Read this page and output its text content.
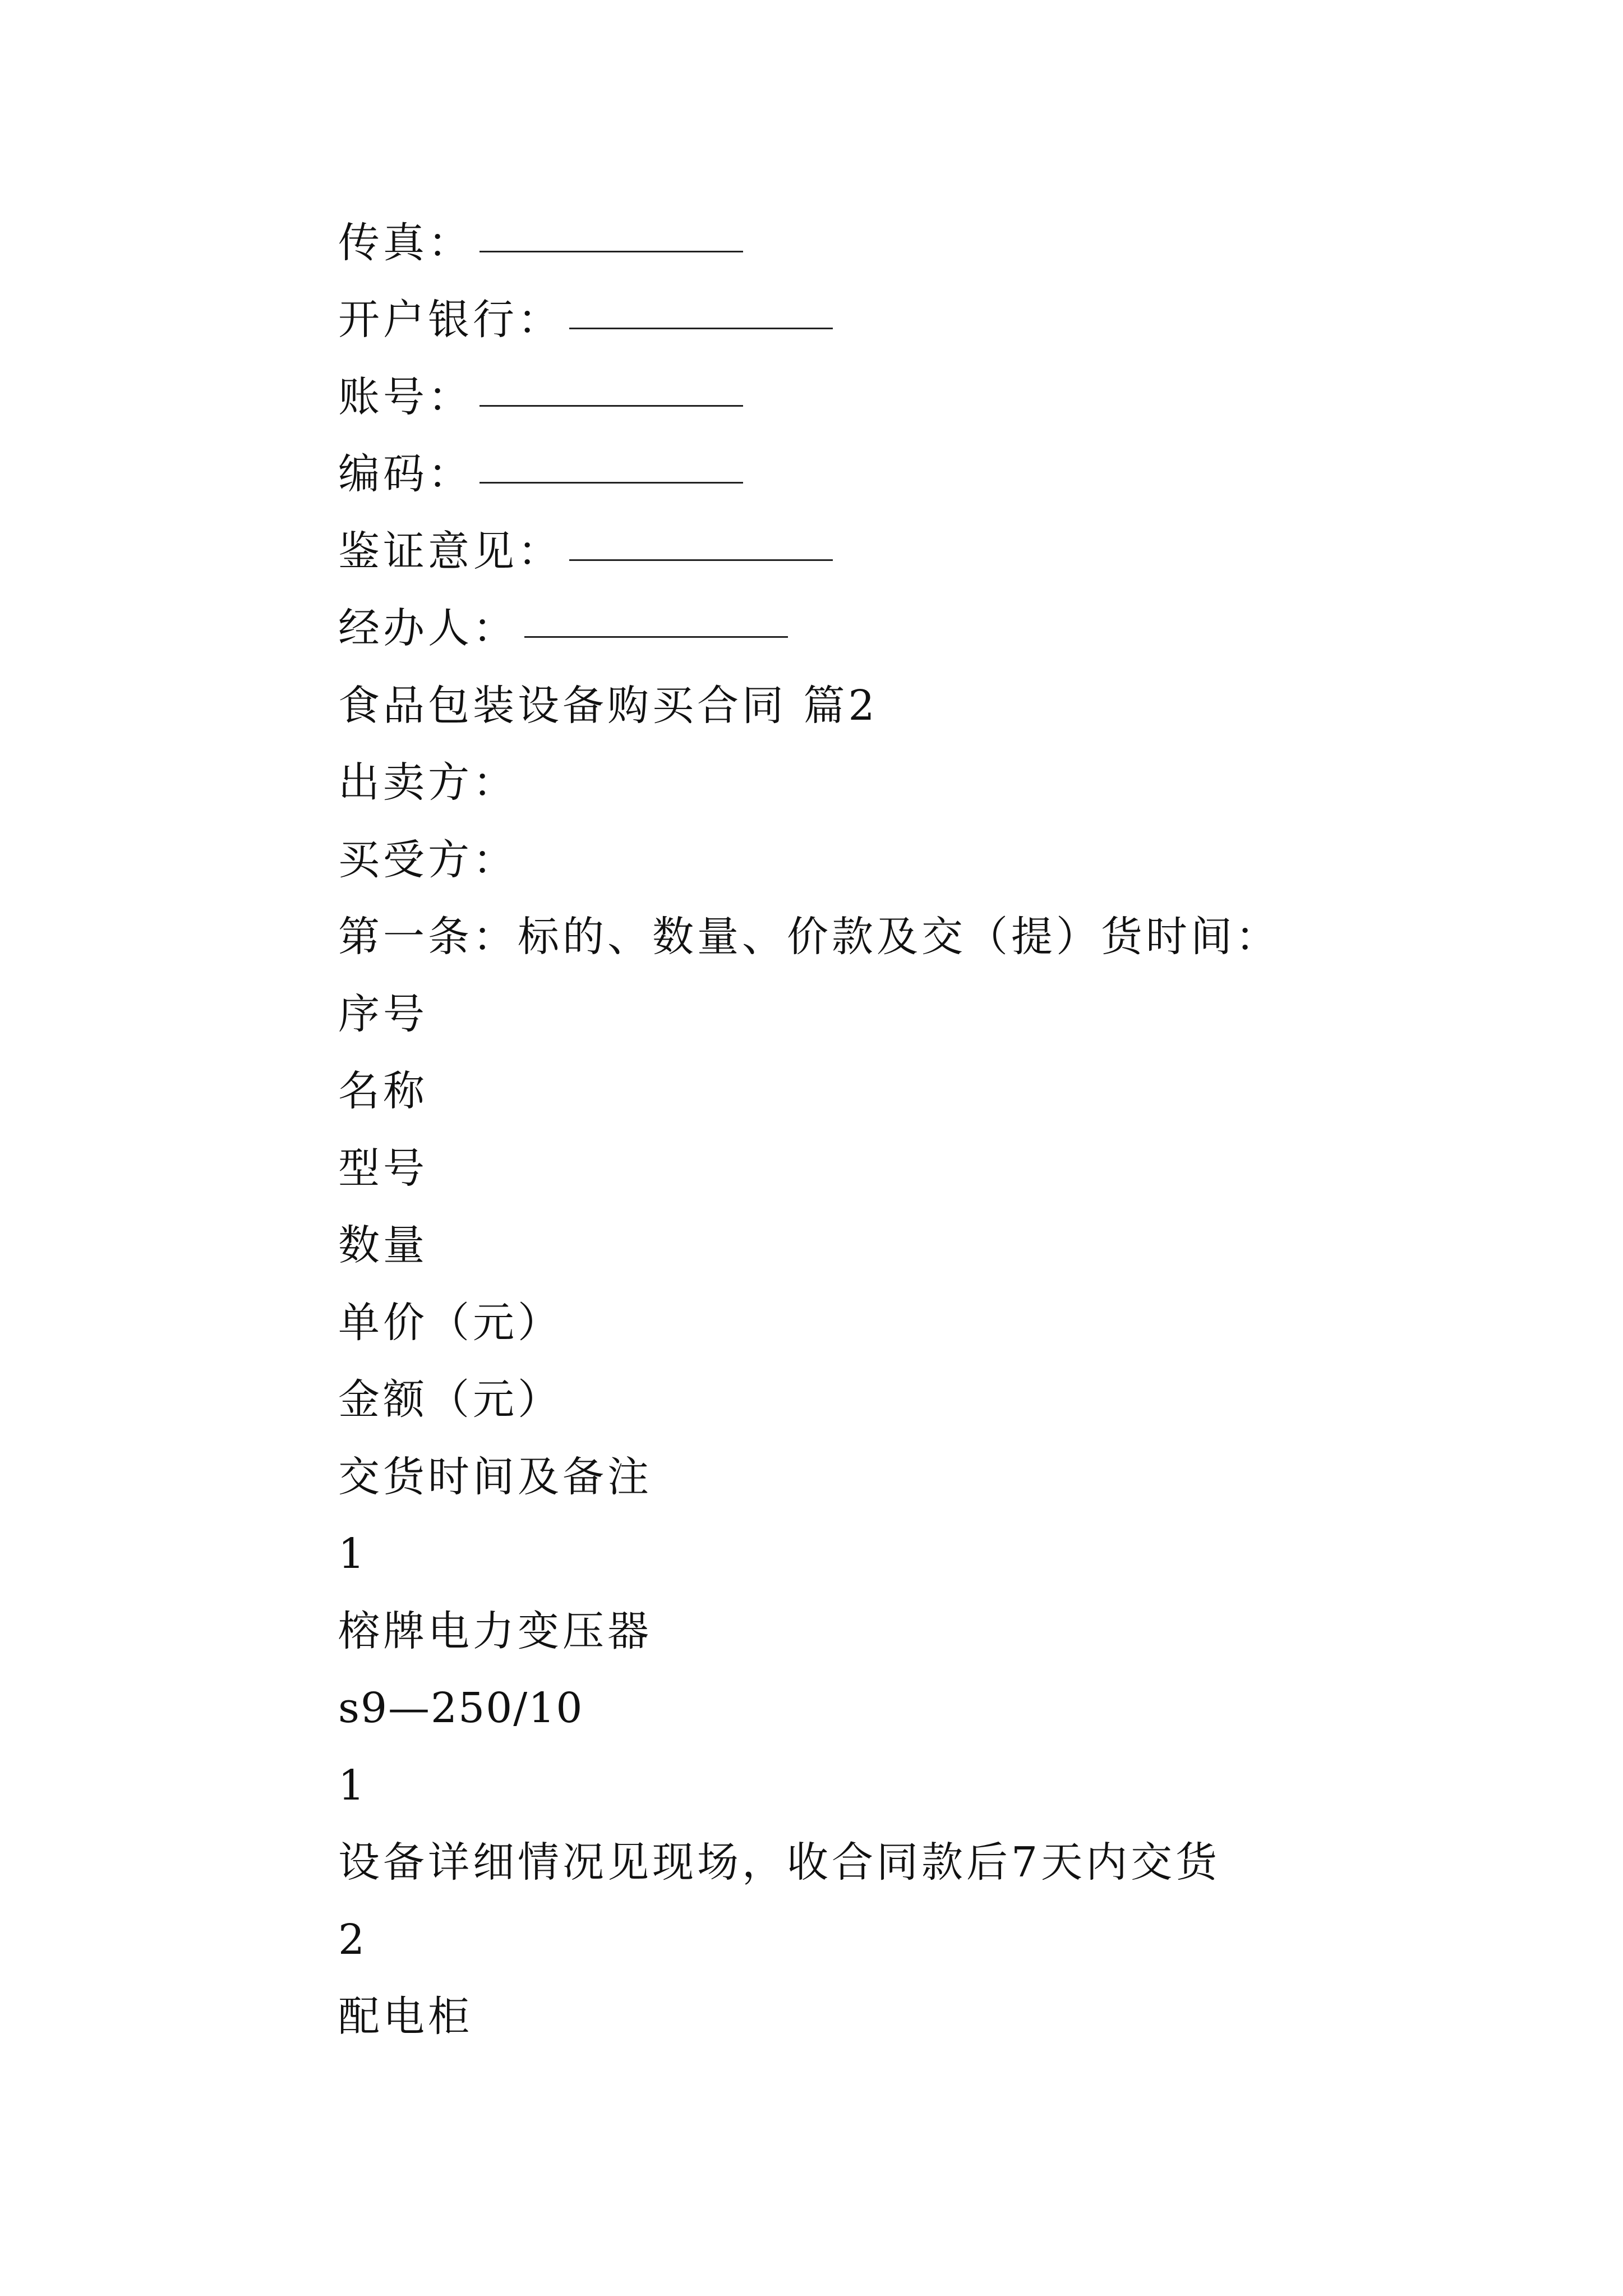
传真：
开户银行：
账号：
编码：
鉴证意见：
经办人：
食品包装设备购买合同 篇2
出卖方：
买受方：
第一条：标的、数量、价款及交（提）货时间：
序号
名称
型号
数量
单价（元）
金额（元）
交货时间及备注
1
榕牌电力变压器
s9—250/10
1
设备详细情况见现场，收合同款后7天内交货
2
配电柜
